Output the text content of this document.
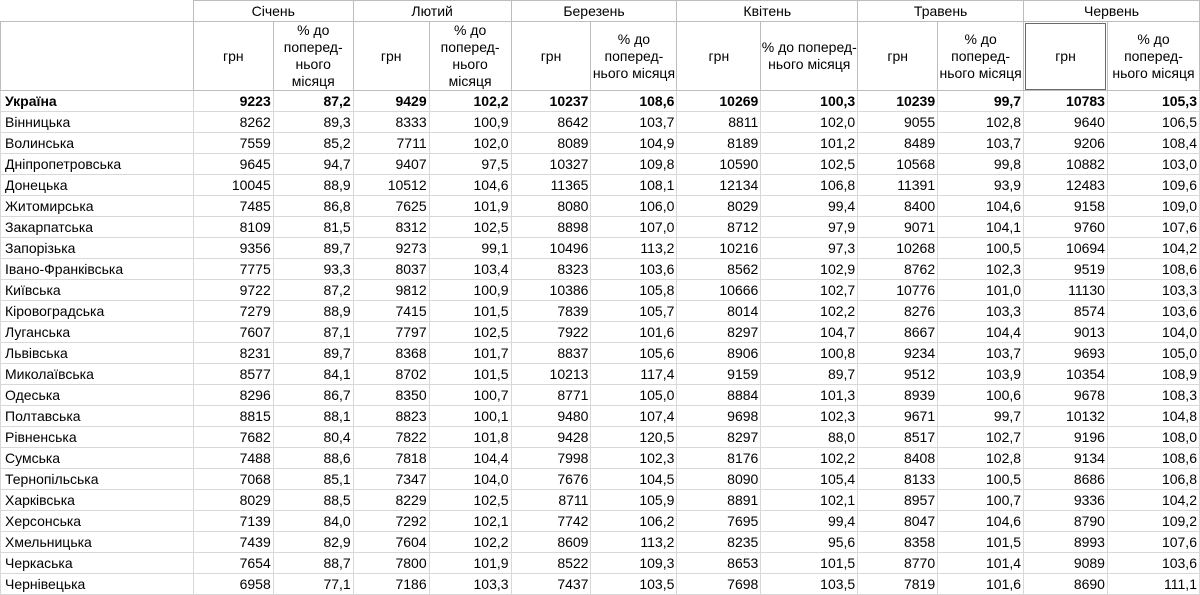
	Січень		Лютий		Березень		Квітень		Травень		Червень	
	грн	% до поперед-нього місяця	грн	% до поперед-нього місяця	грн	% до поперед-нього місяця	грн	% до поперед-нього місяця	грн	% до поперед-нього місяця	грн	% до поперед-нього місяця
Україна	9223	87,2	9429	102,2	10237	108,6	10269	100,3	10239	99,7	10783	105,3
Вінницька	8262	89,3	8333	100,9	8642	103,7	8811	102,0	9055	102,8	9640	106,5
Волинська	7559	85,2	7711	102,0	8089	104,9	8189	101,2	8489	103,7	9206	108,4
Дніпропетровська	9645	94,7	9407	97,5	10327	109,8	10590	102,5	10568	99,8	10882	103,0
Донецька	10045	88,9	10512	104,6	11365	108,1	12134	106,8	11391	93,9	12483	109,6
Житомирська	7485	86,8	7625	101,9	8080	106,0	8029	99,4	8400	104,6	9158	109,0
Закарпатська	8109	81,5	8312	102,5	8898	107,0	8712	97,9	9071	104,1	9760	107,6
Запорізька	9356	89,7	9273	99,1	10496	113,2	10216	97,3	10268	100,5	10694	104,2
Івано-Франківська	7775	93,3	8037	103,4	8323	103,6	8562	102,9	8762	102,3	9519	108,6
Київська	9722	87,2	9812	100,9	10386	105,8	10666	102,7	10776	101,0	11130	103,3
Кіровоградська	7279	88,9	7415	101,5	7839	105,7	8014	102,2	8276	103,3	8574	103,6
Луганська	7607	87,1	7797	102,5	7922	101,6	8297	104,7	8667	104,4	9013	104,0
Львівська	8231	89,7	8368	101,7	8837	105,6	8906	100,8	9234	103,7	9693	105,0
Миколаївська	8577	84,1	8702	101,5	10213	117,4	9159	89,7	9512	103,9	10354	108,9
Одеська	8296	86,7	8350	100,7	8771	105,0	8884	101,3	8939	100,6	9678	108,3
Полтавська	8815	88,1	8823	100,1	9480	107,4	9698	102,3	9671	99,7	10132	104,8
Рівненська	7682	80,4	7822	101,8	9428	120,5	8297	88,0	8517	102,7	9196	108,0
Сумська	7488	88,6	7818	104,4	7998	102,3	8176	102,2	8408	102,8	9134	108,6
Тернопільська	7068	85,1	7347	104,0	7676	104,5	8090	105,4	8133	100,5	8686	106,8
Харківська	8029	88,5	8229	102,5	8711	105,9	8891	102,1	8957	100,7	9336	104,2
Херсонська	7139	84,0	7292	102,1	7742	106,2	7695	99,4	8047	104,6	8790	109,2
Хмельницька	7439	82,9	7604	102,2	8609	113,2	8235	95,6	8358	101,5	8993	107,6
Черкаська	7654	88,7	7800	101,9	8522	109,3	8653	101,5	8770	101,4	9089	103,6
Чернівецька	6958	77,1	7186	103,3	7437	103,5	7698	103,5	7819	101,6	8690	111,1
